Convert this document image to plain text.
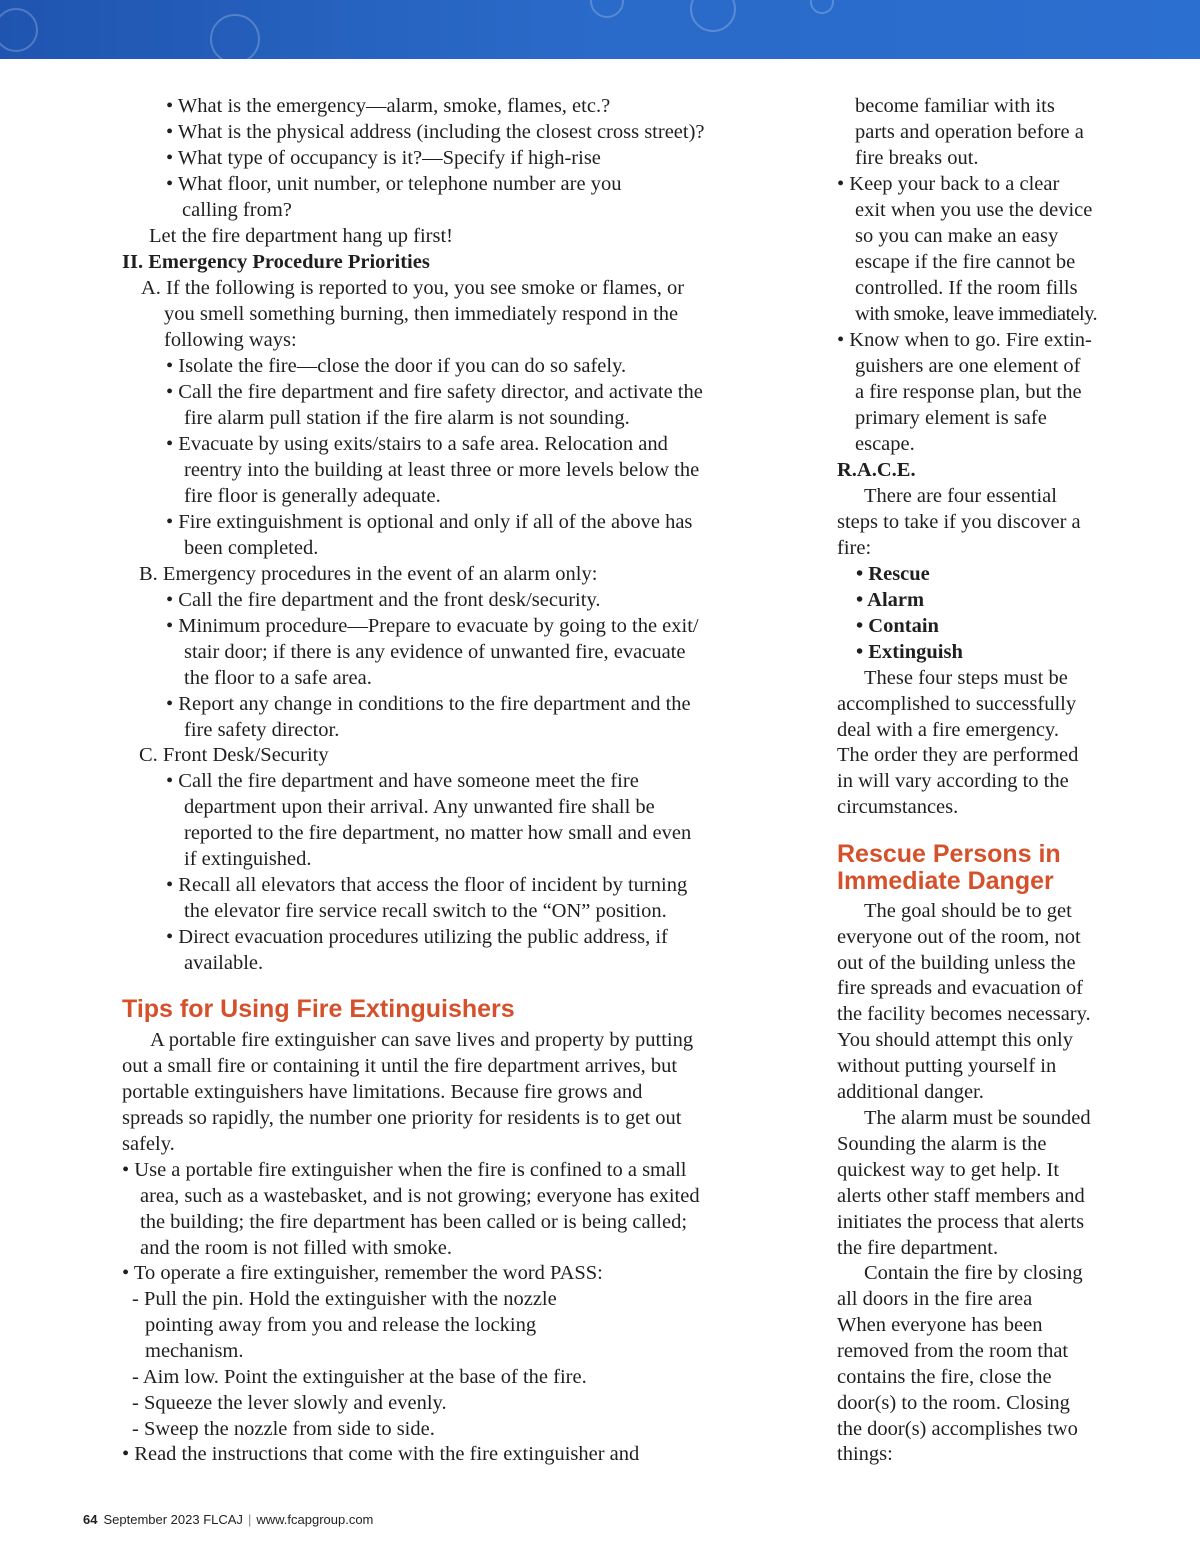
• What is the emergency—alarm, smoke, flames, etc.?
• What is the physical address (including the closest cross street)?
• What type of occupancy is it?—Specify if high-rise
• What floor, unit number, or telephone number are you
calling from?
Let the fire department hang up first!
II. Emergency Procedure Priorities
A. If the following is reported to you, you see smoke or flames, or
you smell something burning, then immediately respond in the
following ways:
• Isolate the fire—close the door if you can do so safely.
• Call the fire department and fire safety director, and activate the
fire alarm pull station if the fire alarm is not sounding.
• Evacuate by using exits/stairs to a safe area. Relocation and
reentry into the building at least three or more levels below the
fire floor is generally adequate.
• Fire extinguishment is optional and only if all of the above has
been completed.
B. Emergency procedures in the event of an alarm only:
• Call the fire department and the front desk/security.
• Minimum procedure—Prepare to evacuate by going to the exit/
stair door; if there is any evidence of unwanted fire, evacuate
the floor to a safe area.
• Report any change in conditions to the fire department and the
fire safety director.
C. Front Desk/Security
• Call the fire department and have someone meet the fire
department upon their arrival. Any unwanted fire shall be
reported to the fire department, no matter how small and even
if extinguished.
• Recall all elevators that access the floor of incident by turning
the elevator fire service recall switch to the “ON” position.
• Direct evacuation procedures utilizing the public address, if
available.
Tips for Using Fire Extinguishers
A portable fire extinguisher can save lives and property by putting
out a small fire or containing it until the fire department arrives, but
portable extinguishers have limitations. Because fire grows and
spreads so rapidly, the number one priority for residents is to get out
safely.
• Use a portable fire extinguisher when the fire is confined to a small
area, such as a wastebasket, and is not growing; everyone has exited
the building; the fire department has been called or is being called;
and the room is not filled with smoke.
• To operate a fire extinguisher, remember the word PASS:
- Pull the pin. Hold the extinguisher with the nozzle
pointing away from you and release the locking
mechanism.
- Aim low. Point the extinguisher at the base of the fire.
- Squeeze the lever slowly and evenly.
- Sweep the nozzle from side to side.
• Read the instructions that come with the fire extinguisher and
become familiar with its
parts and operation before a
fire breaks out.
• Keep your back to a clear
exit when you use the device
so you can make an easy
escape if the fire cannot be
controlled. If the room fills
with smoke, leave immediately.
• Know when to go. Fire extin-
guishers are one element of
a fire response plan, but the
primary element is safe
escape.
R.A.C.E.
There are four essential
steps to take if you discover a
fire:
• Rescue
• Alarm
• Contain
• Extinguish
These four steps must be
accomplished to successfully
deal with a fire emergency.
The order they are performed
in will vary according to the
circumstances.
Rescue Persons in
Immediate Danger
The goal should be to get
everyone out of the room, not
out of the building unless the
fire spreads and evacuation of
the facility becomes necessary.
You should attempt this only
without putting yourself in
additional danger.
The alarm must be sounded
Sounding the alarm is the
quickest way to get help. It
alerts other staff members and
initiates the process that alerts
the fire department.
Contain the fire by closing
all doors in the fire area
When everyone has been
removed from the room that
contains the fire, close the
door(s) to the room. Closing
the door(s) accomplishes two
things:
64 September 2023 FLCAJ | www.fcapgroup.com
